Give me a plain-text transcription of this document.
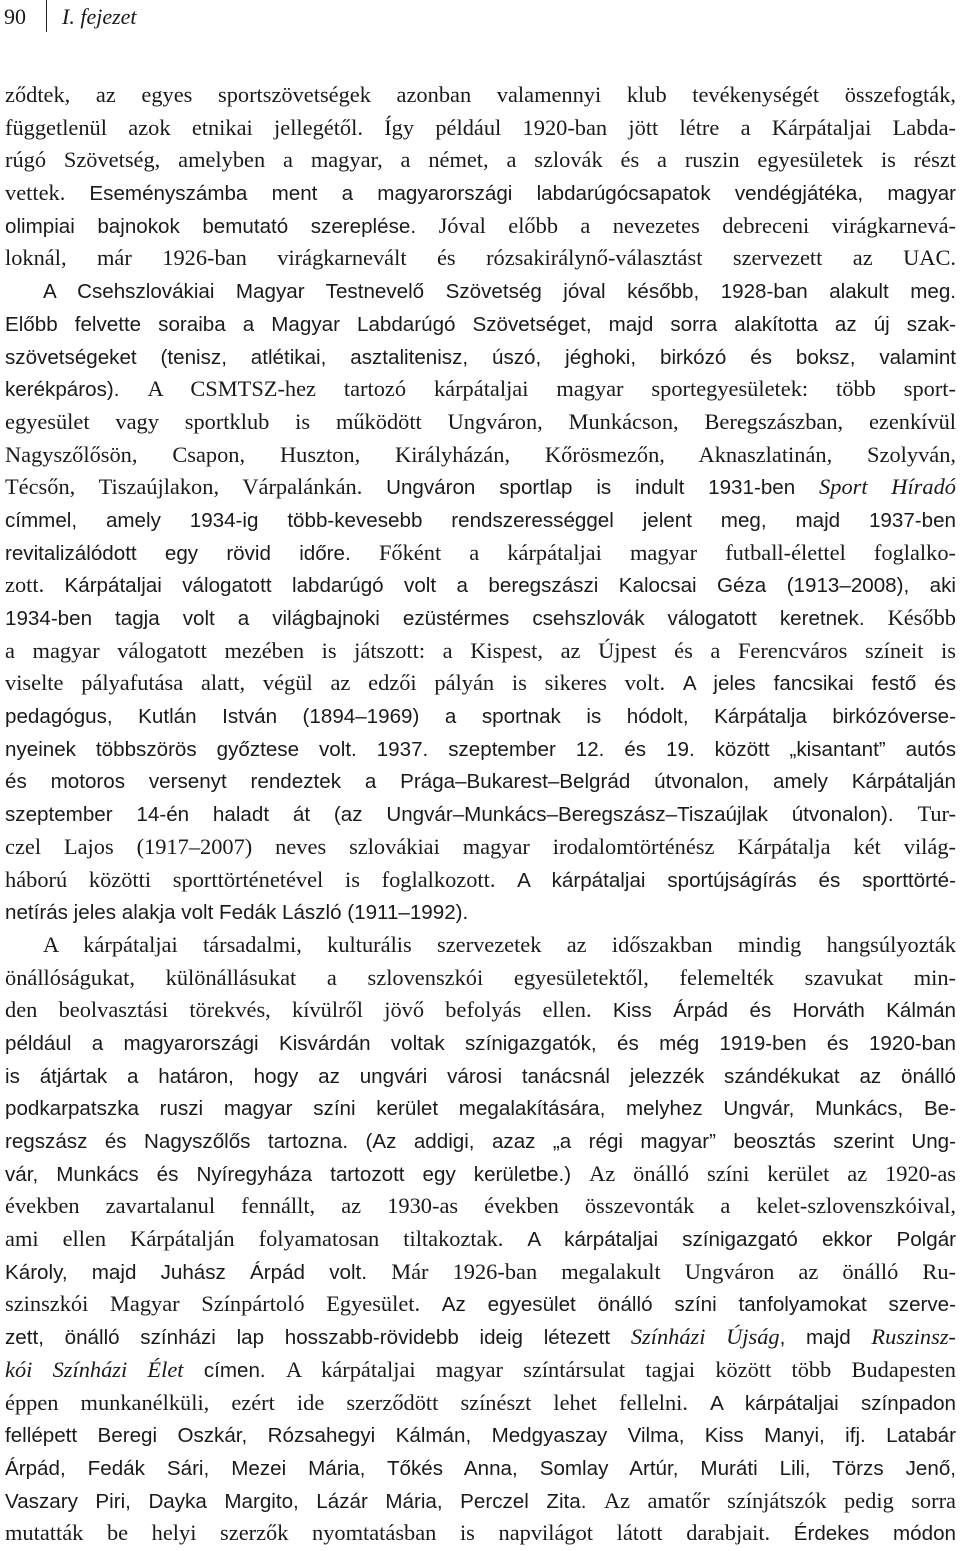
90 I. fejezet
ződtek, az egyes sportszövetségek azonban valamennyi klub tevékenységét összefogták,
függetlenül azok etnikai jellegétől. Így például 1920-ban jött létre a Kárpátaljai Labda-
rúgó Szövetség, amelyben a magyar, a német, a szlovák és a ruszin egyesületek is részt
vettek. Eseményszámba ment a magyarországi labdarúgócsapatok vendégjátéka, magyar
olimpiai bajnokok bemutató szereplése. Jóval előbb a nevezetes debreceni virágkarnevá-
loknál, már 1926-ban virágkarnevált és rózsakirálynő-választást szervezett az UAC.
A Csehszlovákiai Magyar Testnevelő Szövetség jóval később, 1928-ban alakult meg.
Előbb felvette soraiba a Magyar Labdarúgó Szövetséget, majd sorra alakította az új szak-
szövetségeket (tenisz, atlétikai, asztalitenisz, úszó, jéghoki, birkózó és boksz, valamint
kerékpáros). A CSMTSZ-hez tartozó kárpátaljai magyar sportegyesületek: több sport-
egyesület vagy sportklub is működött Ungváron, Munkácson, Beregszászban, ezenkívül
Nagyszőlősön, Csapon, Huszton, Királyházán, Kőrösmezőn, Aknaszlatinán, Szolyván,
Técsőn, Tiszaújlakon, Várpalánkán. Ungváron sportlap is indult 1931-ben Sport Híradó
címmel, amely 1934-ig több-kevesebb rendszerességgel jelent meg, majd 1937-ben
revitalizálódott egy rövid időre. Főként a kárpátaljai magyar futball-élettel foglalko-
zott. Kárpátaljai válogatott labdarúgó volt a beregszászi Kalocsai Géza (1913–2008), aki
1934-ben tagja volt a világbajnoki ezüstérmes csehszlovák válogatott keretnek. Később
a magyar válogatott mezében is játszott: a Kispest, az Újpest és a Ferencváros színeit is
viselte pályafutása alatt, végül az edzői pályán is sikeres volt. A jeles fancsikai festő és
pedagógus, Kutlán István (1894–1969) a sportnak is hódolt, Kárpátalja birkózóverse-
nyeinek többszörös győztese volt. 1937. szeptember 12. és 19. között „kisantant” autós
és motoros versenyt rendeztek a Prága–Bukarest–Belgrád útvonalon, amely Kárpátalján
szeptember 14-én haladt át (az Ungvár–Munkács–Beregszász–Tiszaújlak útvonalon). Tur-
czel Lajos (1917–2007) neves szlovákiai magyar irodalomtörténész Kárpátalja két világ-
háború közötti sporttörténetével is foglalkozott. A kárpátaljai sportújságírás és sporttörté-
netírás jeles alakja volt Fedák László (1911–1992).
A kárpátaljai társadalmi, kulturális szervezetek az időszakban mindig hangsúlyozták
önállóságukat, különállásukat a szlovenszkói egyesületektől, felemelték szavukat min-
den beolvasztási törekvés, kívülről jövő befolyás ellen. Kiss Árpád és Horváth Kálmán
például a magyarországi Kisvárdán voltak színigazgatók, és még 1919-ben és 1920-ban
is átjártak a határon, hogy az ungvári városi tanácsnál jelezzék szándékukat az önálló
podkarpatszka ruszi magyar színi kerület megalakítására, melyhez Ungvár, Munkács, Be-
regszász és Nagyszőlős tartozna. (Az addigi, azaz „a régi magyar” beosztás szerint Ung-
vár, Munkács és Nyíregyháza tartozott egy kerületbe.) Az önálló színi kerület az 1920-as
években zavartalanul fennállt, az 1930-as években összevonták a kelet-szlovenszkóival,
ami ellen Kárpátalján folyamatosan tiltakoztak. A kárpátaljai színigazgató ekkor Polgár
Károly, majd Juhász Árpád volt. Már 1926-ban megalakult Ungváron az önálló Ru-
szinszkói Magyar Színpártoló Egyesület. Az egyesület önálló színi tanfolyamokat szerve-
zett, önálló színházi lap hosszabb-rövidebb ideig létezett Színházi Újság, majd Ruszinsz-
kói Színházi Élet címen. A kárpátaljai magyar színtársulat tagjai között több Budapesten
éppen munkanélküli, ezért ide szerződött színészt lehet fellelni. A kárpátaljai színpadon
fellépett Beregi Oszkár, Rózsahegyi Kálmán, Medgyaszay Vilma, Kiss Manyi, ifj. Latabár
Árpád, Fedák Sári, Mezei Mária, Tőkés Anna, Somlay Artúr, Muráti Lili, Törzs Jenő,
Vaszary Piri, Dayka Margito, Lázár Mária, Perczel Zita. Az amatőr színjátszók pedig sorra
mutatták be helyi szerzők nyomtatásban is napvilágot látott darabjait. Érdekes módon
